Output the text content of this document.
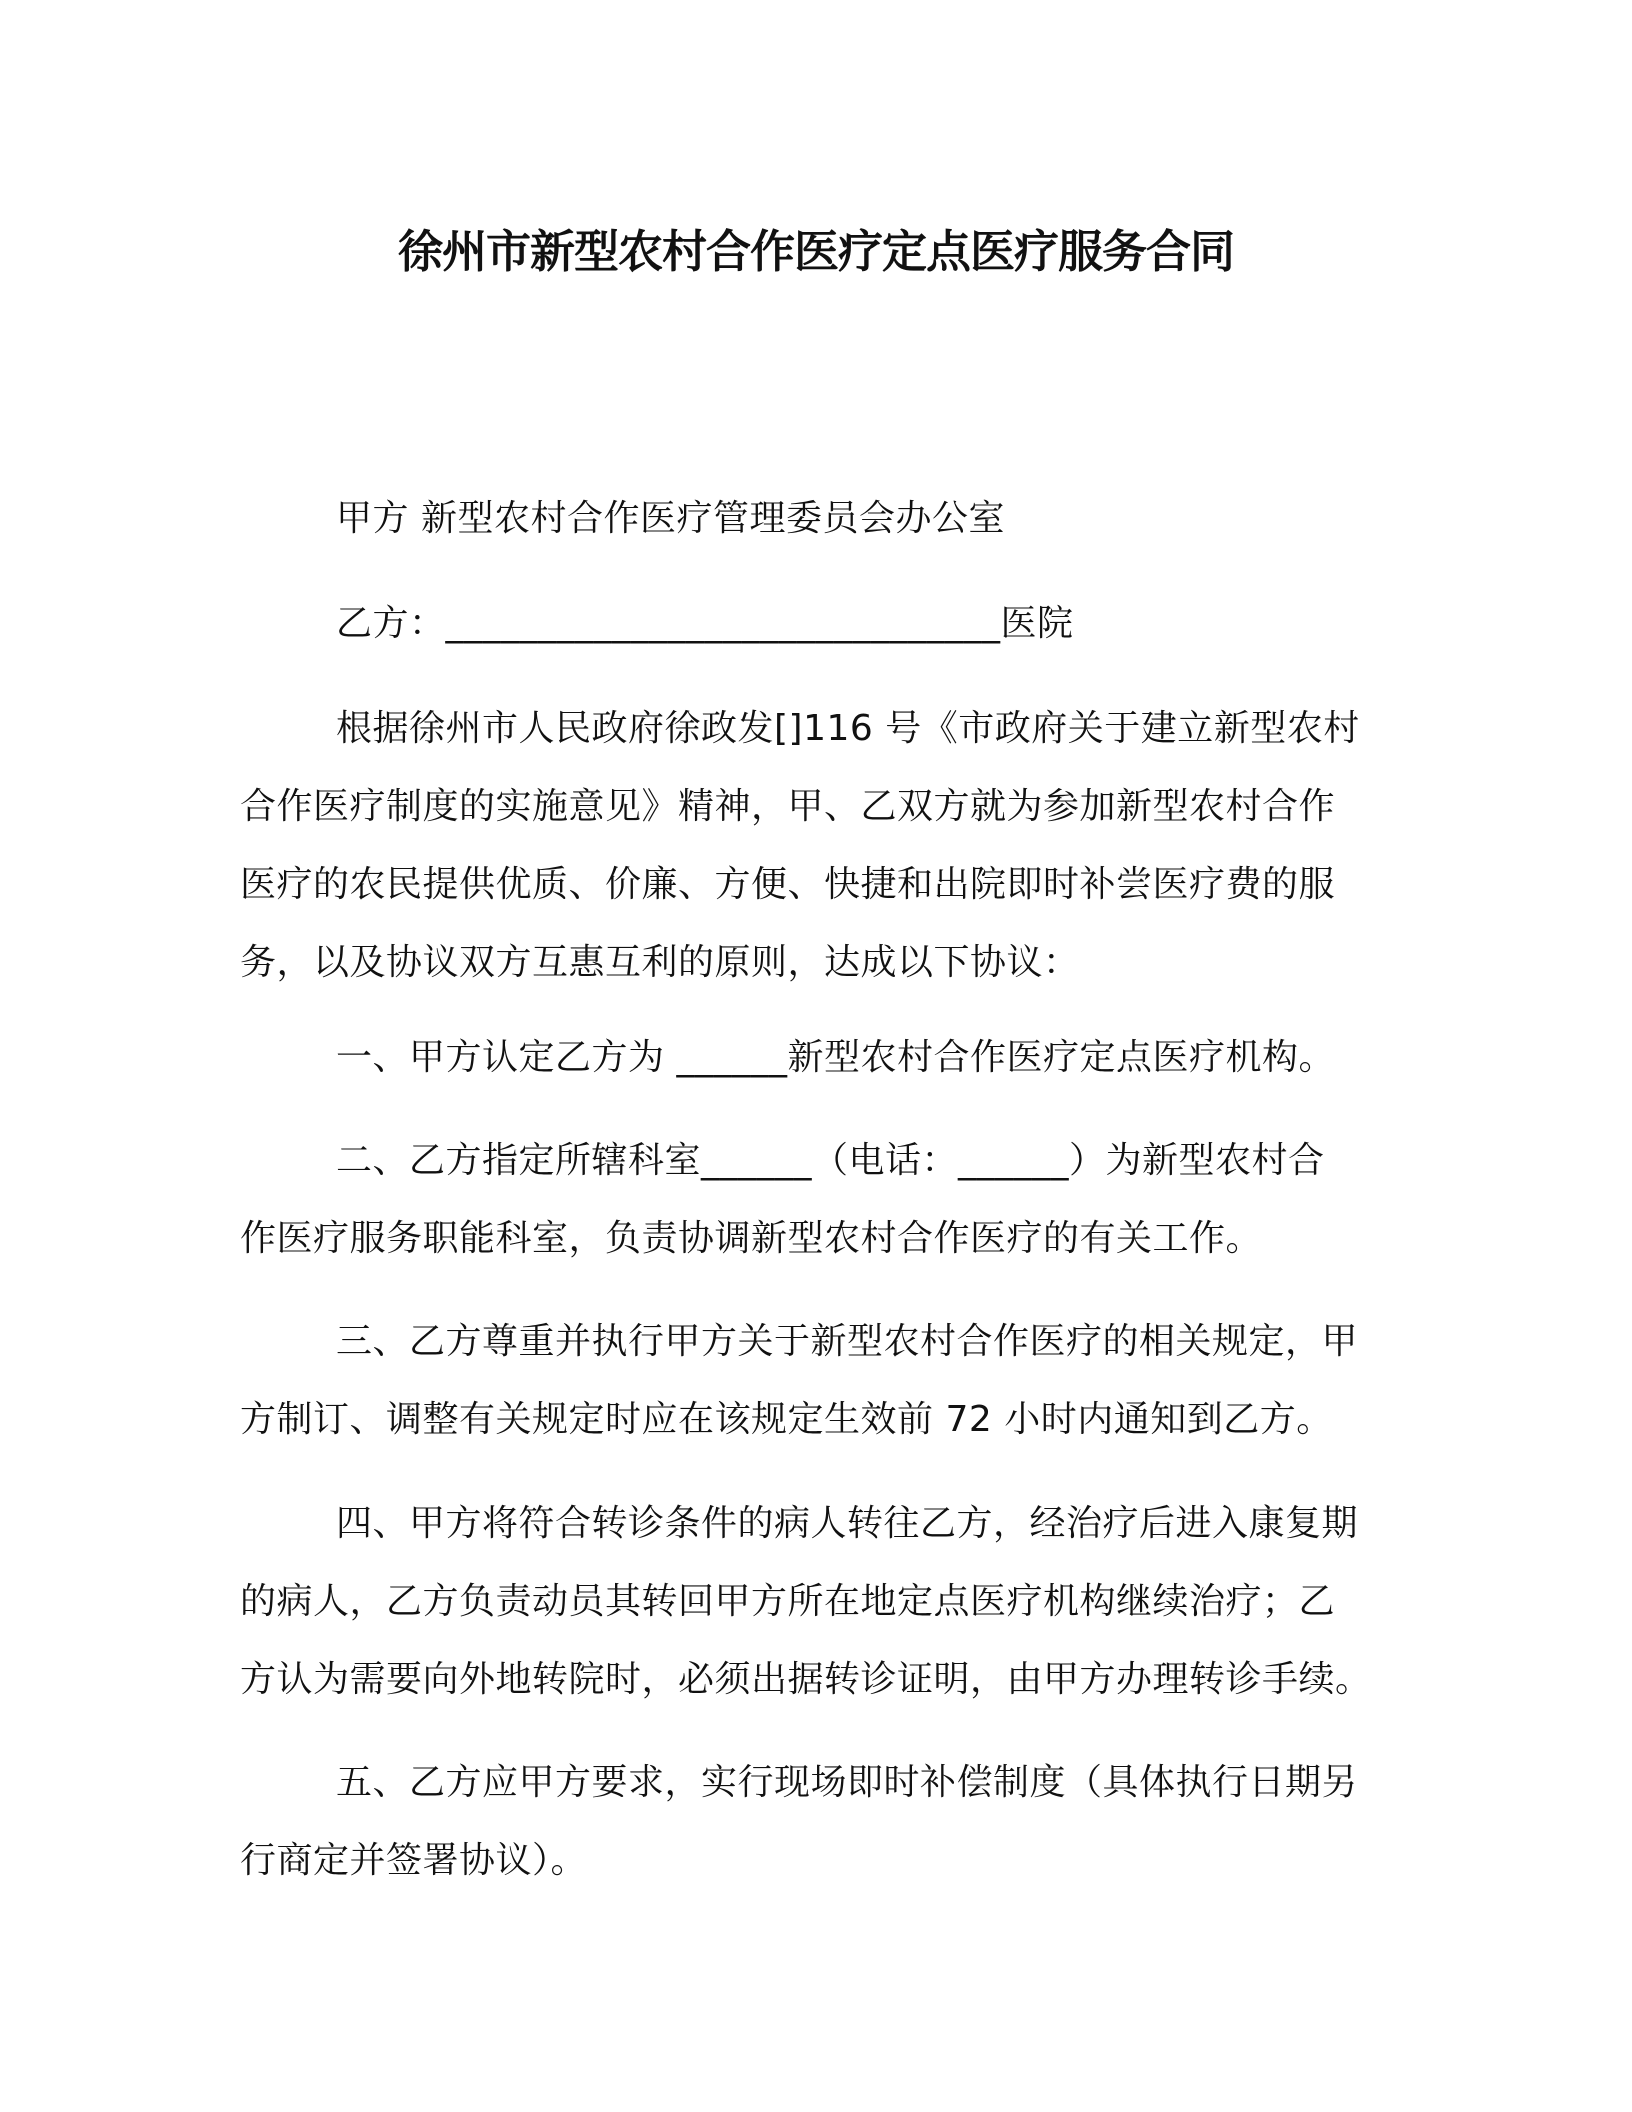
徐州市新型农村合作医疗定点医疗服务合同
甲方 新型农村合作医疗管理委员会办公室
乙方：______________________________医院
根据徐州市人民政府徐政发[]116 号《市政府关于建立新型农村
合作医疗制度的实施意见》精神，甲、乙双方就为参加新型农村合作
医疗的农民提供优质、价廉、方便、快捷和出院即时补尝医疗费的服
务，以及协议双方互惠互利的原则，达成以下协议：
一、甲方认定乙方为 ______新型农村合作医疗定点医疗机构。
二、乙方指定所辖科室______（电话：______）为新型农村合
作医疗服务职能科室，负责协调新型农村合作医疗的有关工作。
三、乙方尊重并执行甲方关于新型农村合作医疗的相关规定，甲
方制订、调整有关规定时应在该规定生效前 72 小时内通知到乙方。
四、甲方将符合转诊条件的病人转往乙方，经治疗后进入康复期
的病人，乙方负责动员其转回甲方所在地定点医疗机构继续治疗；乙
方认为需要向外地转院时，必须出据转诊证明，由甲方办理转诊手续。
五、乙方应甲方要求，实行现场即时补偿制度（具体执行日期另
行商定并签署协议）。
